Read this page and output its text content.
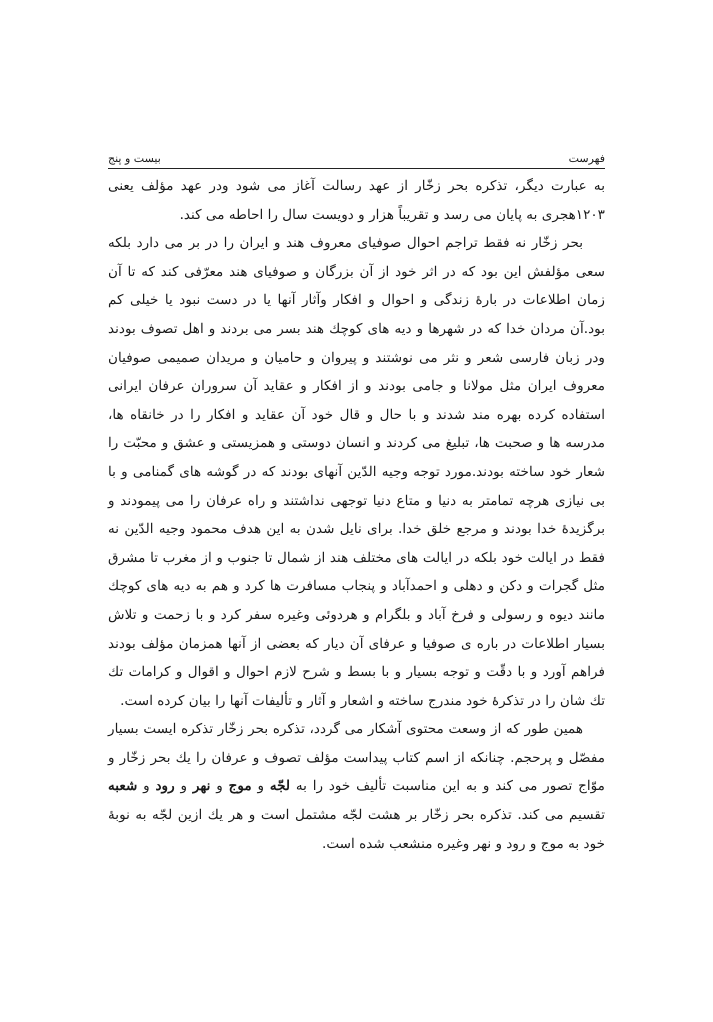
فهرست
بیست و پنج

به عبارت دیگر، تذکره بحر زخّار از عهد رسالت آغاز می شود ودر عهد مؤلف یعنی ۱۲۰۳هجری به پایان می رسد و تقریباً هزار و دویست سال را احاطه می کند.

بحر زخّار نه فقط تراجم احوال صوفیای معروف هند و ایران را در بر می دارد بلکه سعی مؤلفش این بود که در اثر خود از آن بزرگان و صوفیای هند معرّفی کند که تا آن زمان اطلاعات در بارۀ زندگی و احوال و افکار وآثار آنها یا در دست نبود یا خیلی کم بود.آن مردان خدا که در شهرها و دیه های کوچك هند بسر می بردند و اهل تصوف بودند ودر زبان فارسی شعر و نثر می نوشتند و پیروان و حامیان و مریدان صمیمی صوفیان معروف ایران مثل مولانا و جامی بودند و از افکار و عقاید آن سروران عرفان ایرانی استفاده کرده بهره مند شدند و با حال و قال خود آن عقاید و افکار را در خانقاه ها، مدرسه ها و صحبت ها، تبلیغ می کردند و انسان دوستی و همزیستی و عشق و محبّت را شعار خود ساخته بودند.مورد توجه وجیه الدّین آنهای بودند که در گوشه های گمنامی و با بی نیازی هرچه تمامتر به دنیا و متاع دنیا توجهی نداشتند و راه عرفان را می پیمودند و برگزیدۀ خدا بودند و مرجع خلق خدا. برای نایل شدن به این هدف محمود وجیه الدّین نه فقط در ایالت خود بلکه در ایالت های مختلف هند از شمال تا جنوب و از مغرب تا مشرق مثل گجرات و دکن و دهلی و احمدآباد و پنجاب مسافرت ها کرد و هم به دیه های کوچك مانند دیوه و رسولی و فرخ آباد و بلگرام و هردوئی وغیره سفر کرد و با زحمت و تلاش بسیار اطلاعات در باره ی صوفیا و عرفای آن دیار که بعضی از آنها همزمان مؤلف بودند فراهم آورد و با دقّت و توجه بسیار و با بسط و شرح لازم احوال و اقوال و کرامات تك تك شان را در تذکرۀ خود مندرج ساخته و اشعار و آثار و تألیفات آنها را بیان کرده است.

همین طور که از وسعت محتوی آشکار می گردد، تذکره بحر زخّار تذکره ایست بسیار مفصّل و پرحجم. چنانکه از اسم کتاب پیداست مؤلف تصوف و عرفان را یك بحر زخّار و موّاج تصور می کند و به این مناسبت تألیف خود را به لجّه و موج و نهر و رود و شعبه تقسیم می کند. تذکره بحر زخّار بر هشت لجّه مشتمل است و هر یك ازین لجّه به نوبۀ خود به موج و رود و نهر وغیره منشعب شده است.
